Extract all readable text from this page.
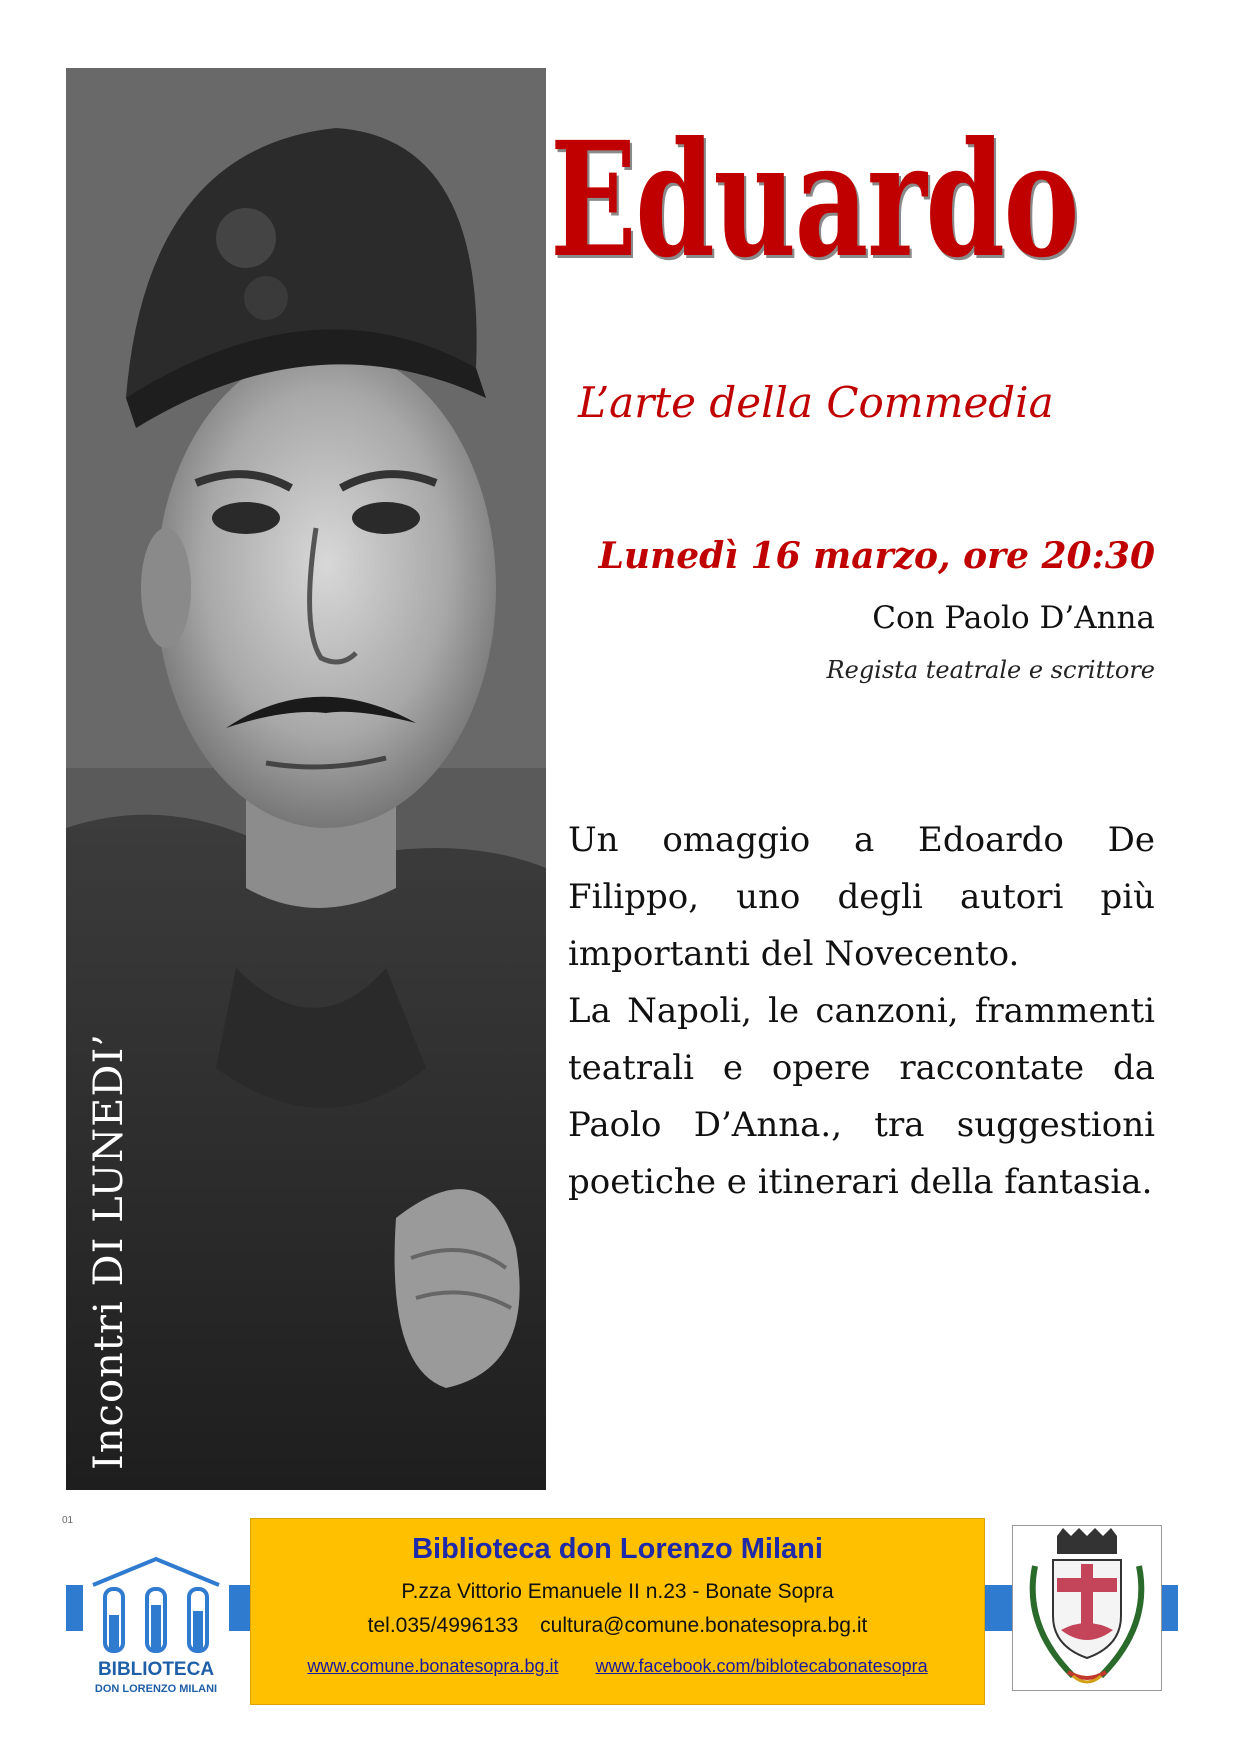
Incontri DI LUNEDI’
Eduardo
L’arte della Commedia
Lunedì 16 marzo, ore 20:30
Con Paolo D’Anna
Regista teatrale e scrittore

Un omaggio a Edoardo De Filippo, uno degli autori più importanti del Novecento.

La Napoli, le canzoni, frammenti teatrali e opere raccontate da Paolo D’Anna., tra suggestioni poetiche e itinerari della fantasia.

01
BIBLIOTECA
DON LORENZO MILANI
Biblioteca don Lorenzo Milani
P.zza Vittorio Emanuele II n.23 - Bonate Sopra
tel.035/4996133 cultura@comune.bonatesopra.bg.it
www.comune.bonatesopra.bg.it www.facebook.com/biblotecabonatesopra
